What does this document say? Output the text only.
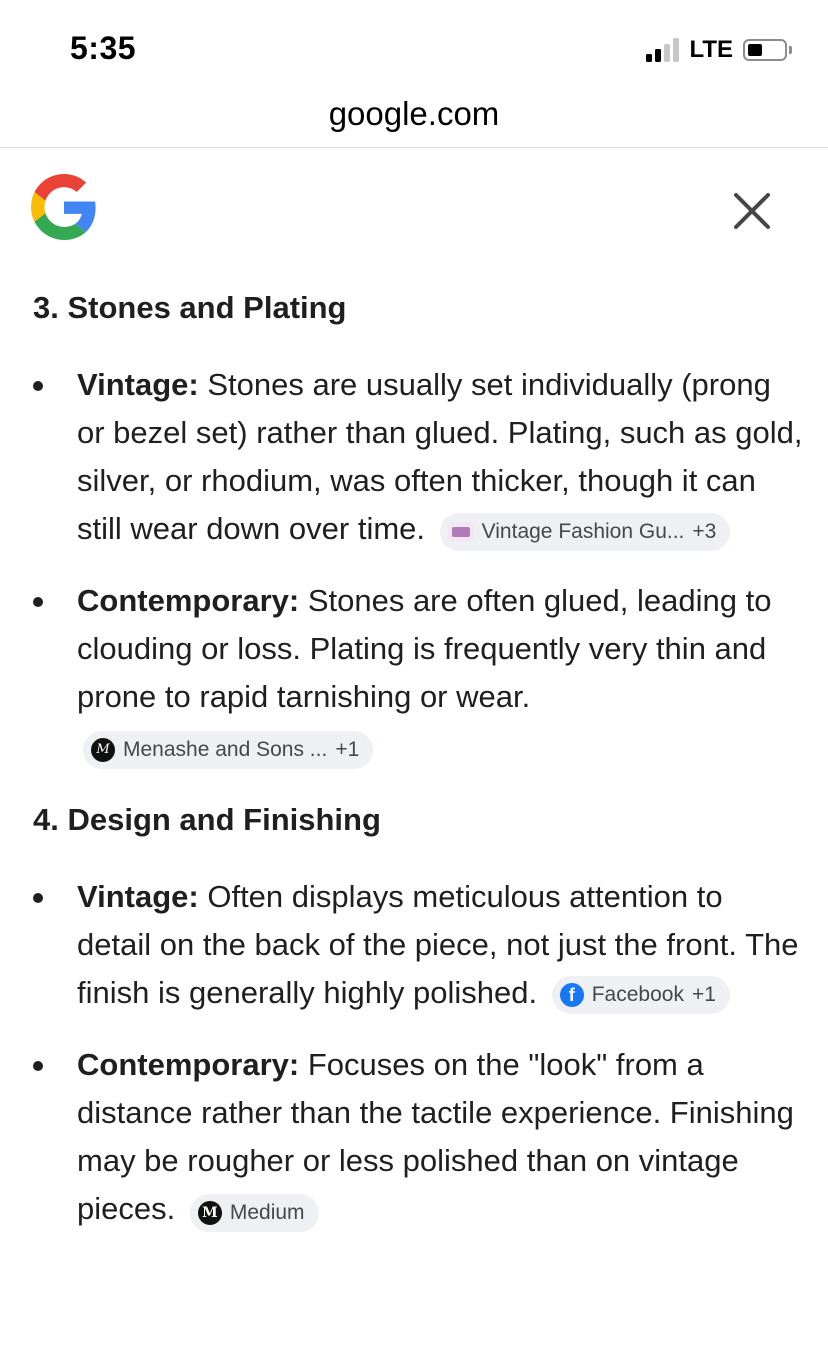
5:35	LTE
google.com
3. Stones and Plating
Vintage: Stones are usually set individually (prong or bezel set) rather than glued. Plating, such as gold, silver, or rhodium, was often thicker, though it can still wear down over time.	Vintage Fashion Gu... +3
Contemporary: Stones are often glued, leading to clouding or loss. Plating is frequently very thin and prone to rapid tarnishing or wear.
M Menashe and Sons ... +1
4. Design and Finishing
Vintage: Often displays meticulous attention to detail on the back of the piece, not just the front. The finish is generally highly polished.	f Facebook +1
Contemporary: Focuses on the "look" from a distance rather than the tactile experience. Finishing may be rougher or less polished than on vintage pieces.	M Medium
